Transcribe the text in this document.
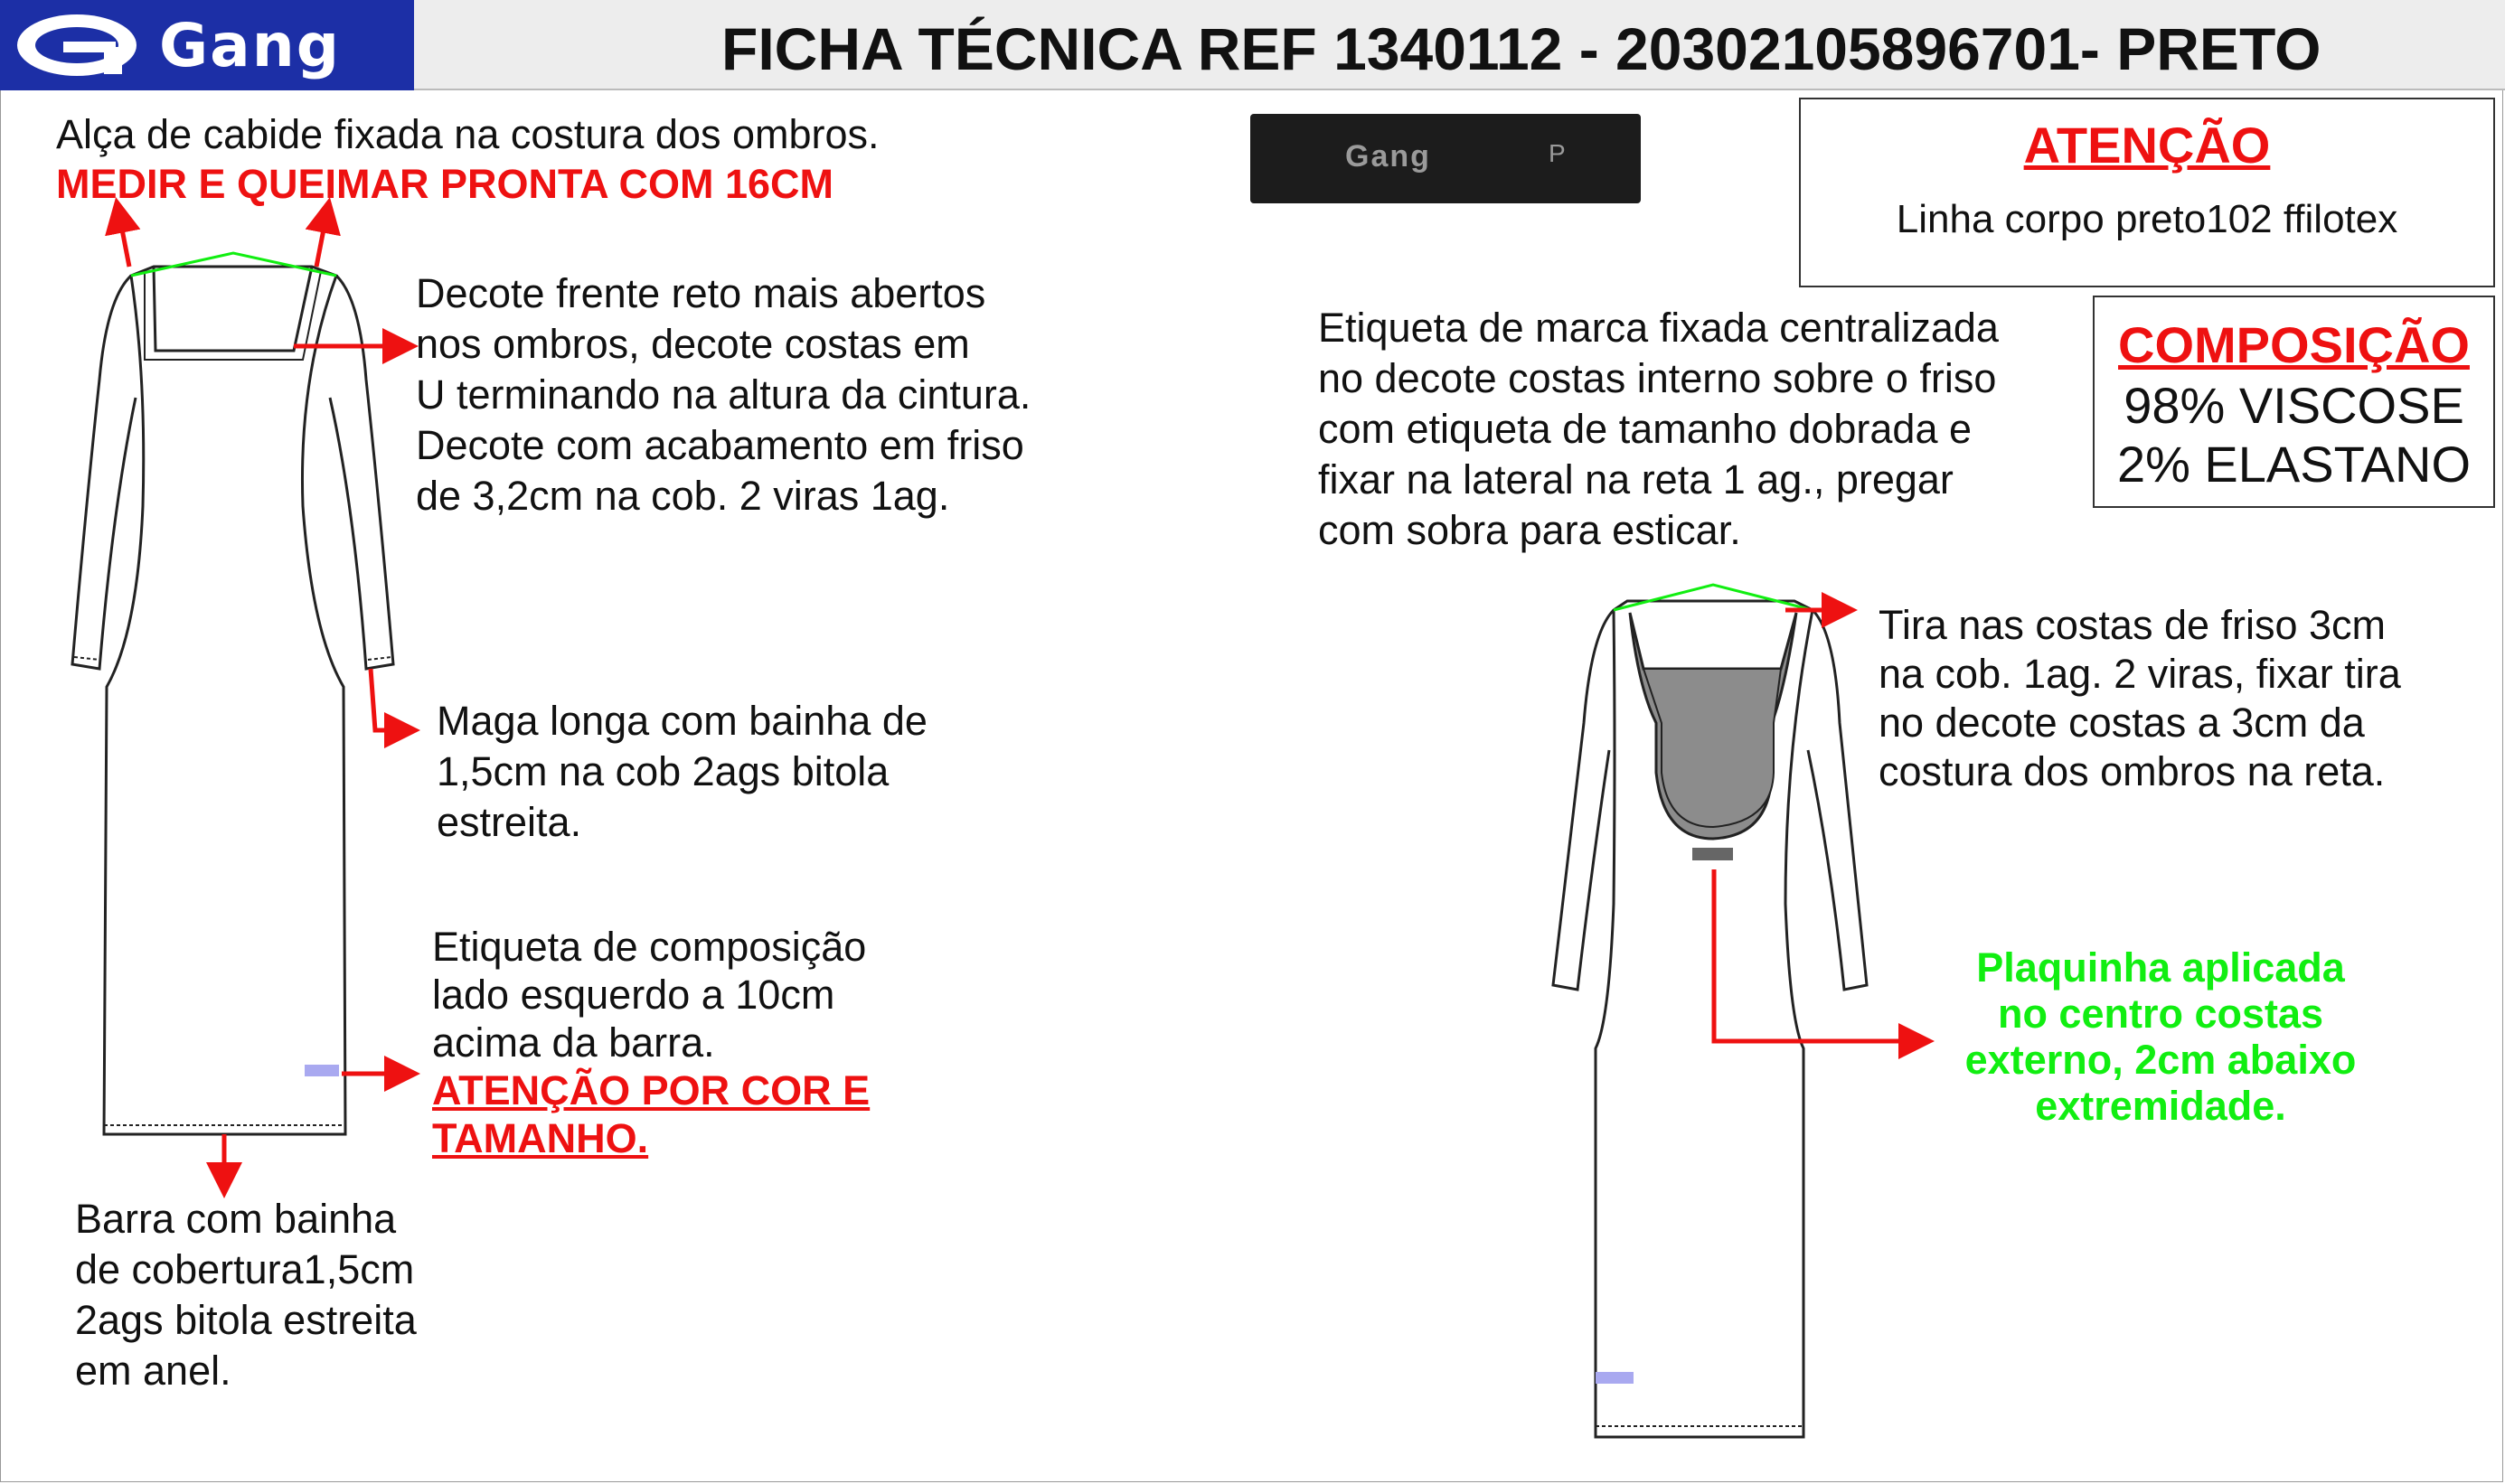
Gang	FICHA TÉCNICA REF 1340112 - 20302105896701- PRETO
Alça de cabide fixada na costura dos ombros.
MEDIR E QUEIMAR PRONTA COM 16CM
Decote frente reto mais abertos
nos ombros, decote costas em
U terminando na altura da cintura.
Decote com acabamento em friso
de 3,2cm na cob. 2 viras 1ag.
Maga longa com bainha de
1,5cm na cob 2ags bitola
estreita.
Etiqueta de composição
lado esquerdo a 10cm
acima da barra.
ATENÇÃO POR COR E
TAMANHO.
Barra com bainha
de cobertura1,5cm
2ags bitola estreita
em anel.
Gang	P
Etiqueta de marca fixada centralizada
no decote costas interno sobre o friso
com etiqueta de tamanho dobrada e
fixar na lateral na reta 1 ag., pregar
com sobra para esticar.
ATENÇÃO
Linha corpo preto102 ffilotex
COMPOSIÇÃO
98% VISCOSE
2% ELASTANO
Tira nas costas de friso 3cm
na cob. 1ag. 2 viras, fixar tira
no decote costas a 3cm da
costura dos ombros na reta.
Plaquinha aplicada
no centro costas
externo, 2cm abaixo
extremidade.
